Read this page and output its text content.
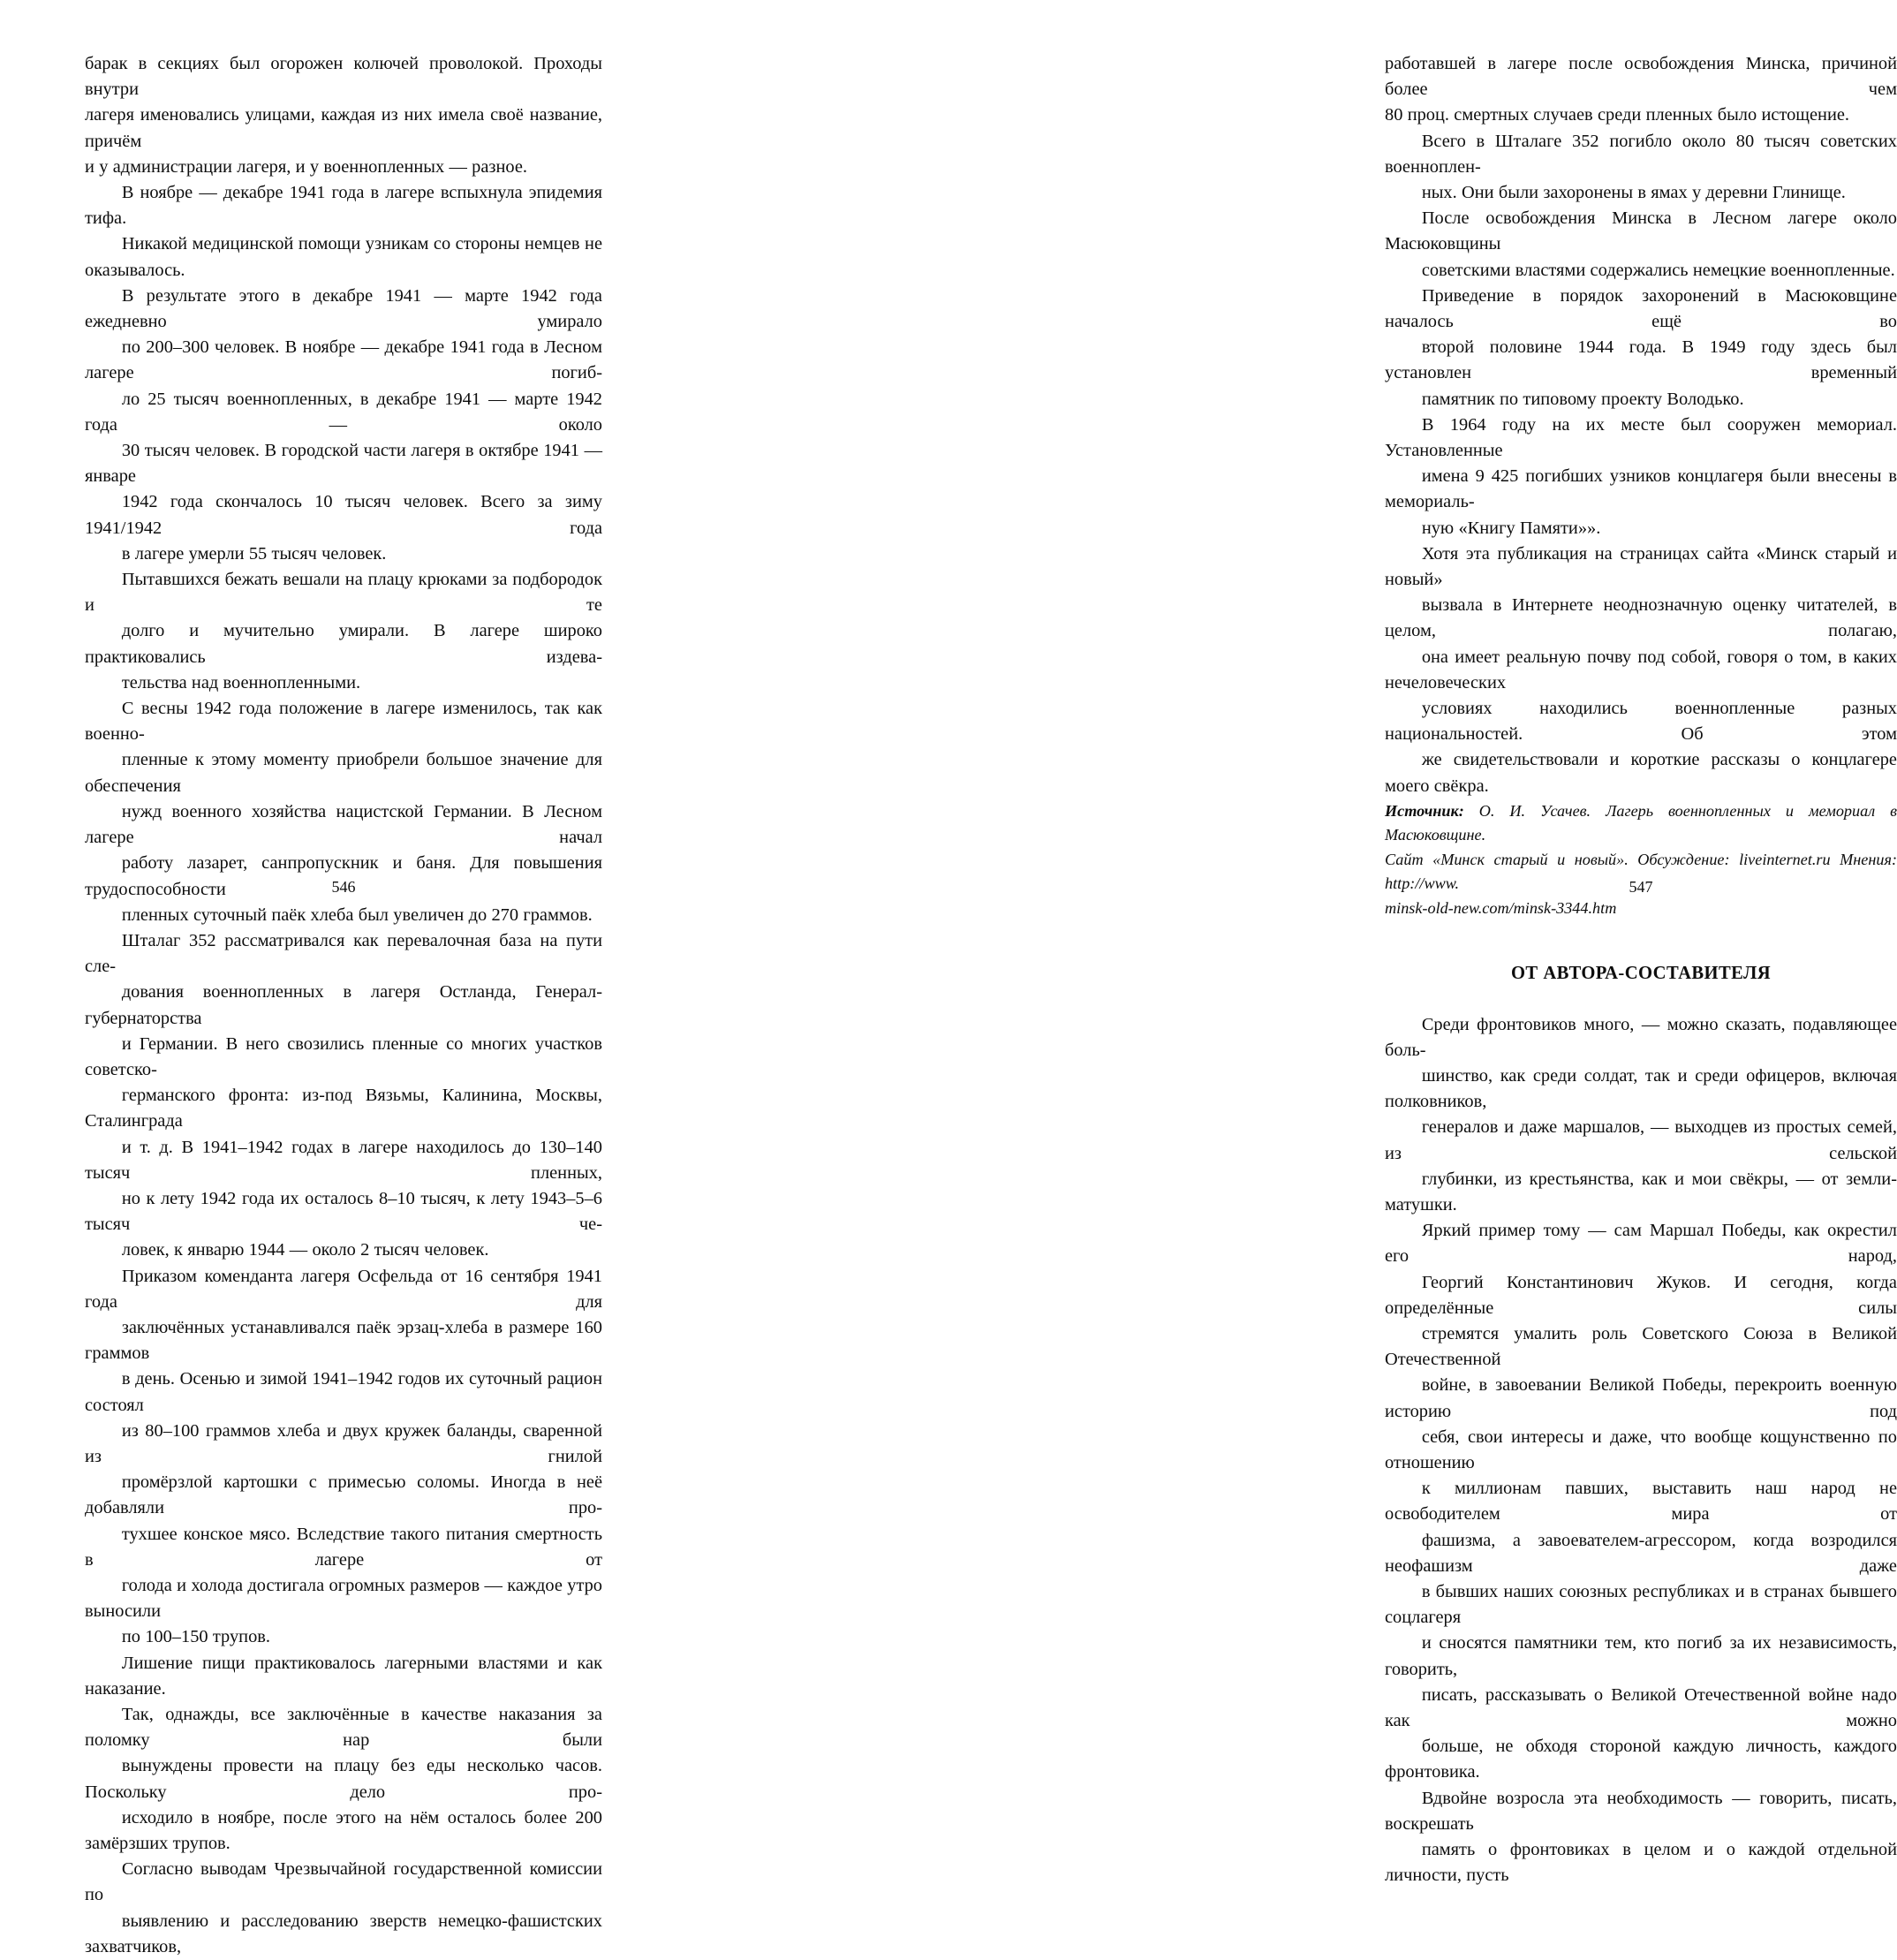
барак в секциях был огорожен колючей проволокой. Проходы внутри
лагеря именовались улицами, каждая из них имела своё название, причём
и у администрации лагеря, и у военнопленных — разное.

В ноябре — декабре 1941 года в лагере вспыхнула эпидемия тифа.
Никакой медицинской помощи узникам со стороны немцев не оказывалось.
В результате этого в декабре 1941 — марте 1942 года ежедневно умирало
по 200–300 человек. В ноябре — декабре 1941 года в Лесном лагере погиб-
ло 25 тысяч военнопленных, в декабре 1941 — марте 1942 года — около
30 тысяч человек. В городской части лагеря в октябре 1941 — январе
1942 года скончалось 10 тысяч человек. Всего за зиму 1941/1942 года
в лагере умерли 55 тысяч человек.

Пытавшихся бежать вешали на плацу крюками за подбородок и те
долго и мучительно умирали. В лагере широко практиковались издева-
тельства над военнопленными.

С весны 1942 года положение в лагере изменилось, так как военно-
пленные к этому моменту приобрели большое значение для обеспечения
нужд военного хозяйства нацистской Германии. В Лесном лагере начал
работу лазарет, санпропускник и баня. Для повышения трудоспособности
пленных суточный паёк хлеба был увеличен до 270 граммов.

Шталаг 352 рассматривался как перевалочная база на пути сле-
дования военнопленных в лагеря Остланда, Генерал-губернаторства
и Германии. В него свозились пленные со многих участков советско-
германского фронта: из-под Вязьмы, Калинина, Москвы, Сталинграда
и т. д. В 1941–1942 годах в лагере находилось до 130–140 тысяч пленных,
но к лету 1942 года их осталось 8–10 тысяч, к лету 1943–5–6 тысяч че-
ловек, к январю 1944 — около 2 тысяч человек.

Приказом коменданта лагеря Осфельда от 16 сентября 1941 года для
заключённых устанавливался паёк эрзац-хлеба в размере 160 граммов
в день. Осенью и зимой 1941–1942 годов их суточный рацион состоял
из 80–100 граммов хлеба и двух кружек баланды, сваренной из гнилой
промёрзлой картошки с примесью соломы. Иногда в неё добавляли про-
тухшее конское мясо. Вследствие такого питания смертность в лагере от
голода и холода достигала огромных размеров — каждое утро выносили
по 100–150 трупов.

Лишение пищи практиковалось лагерными властями и как наказание.
Так, однажды, все заключённые в качестве наказания за поломку нар были
вынуждены провести на плацу без еды несколько часов. Поскольку дело про-
исходило в ноябре, после этого на нём осталось более 200 замёрзших трупов.

Согласно выводам Чрезвычайной государственной комиссии по
выявлению и расследованию зверств немецко-фашистских захватчиков,

546

работавшей в лагере после освобождения Минска, причиной более чем
80 проц. смертных случаев среди пленных было истощение.

Всего в Шталаге 352 погибло около 80 тысяч советских военноплен-
ных. Они были захоронены в ямах у деревни Глинище.

После освобождения Минска в Лесном лагере около Масюковщины
советскими властями содержались немецкие военнопленные.

Приведение в порядок захоронений в Масюковщине началось ещё во
второй половине 1944 года. В 1949 году здесь был установлен временный
памятник по типовому проекту Володько.

В 1964 году на их месте был сооружен мемориал. Установленные
имена 9 425 погибших узников концлагеря были внесены в мемориаль-
ную «Книгу Памяти»».

Хотя эта публикация на страницах сайта «Минск старый и новый»
вызвала в Интернете неоднозначную оценку читателей, в целом, полагаю,
она имеет реальную почву под собой, говоря о том, в каких нечеловеческих
условиях находились военнопленные разных национальностей. Об этом
же свидетельствовали и короткие рассказы о концлагере моего свёкра.

Источник: О. И. Усачев. Лагерь военнопленных и мемориал в Масюковщине.
Сайт «Минск старый и новый». Обсуждение: liveinternet.ru Мнения: http://www.
minsk-old-new.com/minsk-3344.htm

ОТ АВТОРА-СОСТАВИТЕЛЯ

Среди фронтовиков много, — можно сказать, подавляющее боль-
шинство, как среди солдат, так и среди офицеров, включая полковников,
генералов и даже маршалов, — выходцев из простых семей, из сельской
глубинки, из крестьянства, как и мои свёкры, — от земли-матушки.
Яркий пример тому — сам Маршал Победы, как окрестил его народ,
Георгий Константинович Жуков. И сегодня, когда определённые силы
стремятся умалить роль Советского Союза в Великой Отечественной
войне, в завоевании Великой Победы, перекроить военную историю под
себя, свои интересы и даже, что вообще кощунственно по отношению
к миллионам павших, выставить наш народ не освободителем мира от
фашизма, а завоевателем-агрессором, когда возродился неофашизм даже
в бывших наших союзных республиках и в странах бывшего соцлагеря
и сносятся памятники тем, кто погиб за их независимость, говорить,
писать, рассказывать о Великой Отечественной войне надо как можно
больше, не обходя стороной каждую личность, каждого фронтовика.
Вдвойне возросла эта необходимость — говорить, писать, воскрешать
память о фронтовиках в целом и о каждой отдельной личности, пусть

547
